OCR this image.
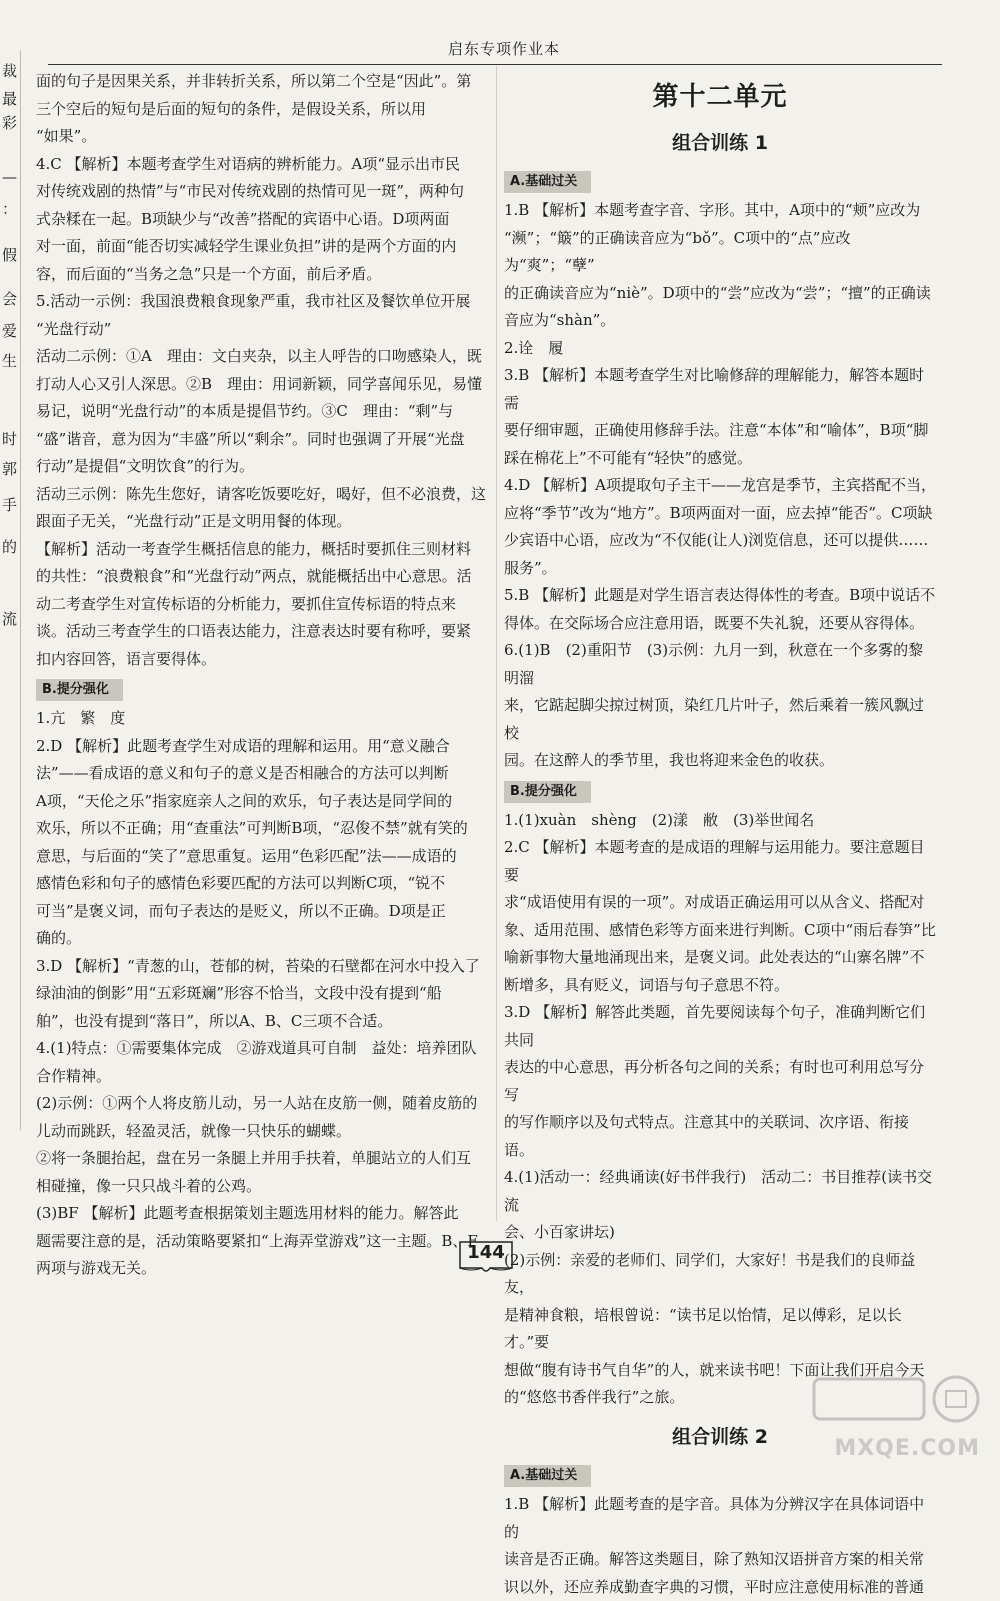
启东专项作业本
裁
最
彩
—
：
假
会
爱
生
时
郭
手
的
流
面的句子是因果关系，并非转折关系，所以第二个空是“因此”。第
三个空后的短句是后面的短句的条件，是假设关系，所以用
“如果”。
4.C 【解析】本题考查学生对语病的辨析能力。A项“显示出市民
对传统戏剧的热情”与“市民对传统戏剧的热情可见一斑”，两种句
式杂糅在一起。B项缺少与“改善”搭配的宾语中心语。D项两面
对一面，前面“能否切实减轻学生课业负担”讲的是两个方面的内
容，而后面的“当务之急”只是一个方面，前后矛盾。
5.活动一示例：我国浪费粮食现象严重，我市社区及餐饮单位开展
“光盘行动”
活动二示例：①A　理由：文白夹杂，以主人呼告的口吻感染人，既
打动人心又引人深思。②B　理由：用词新颖，同学喜闻乐见，易懂
易记，说明“光盘行动”的本质是提倡节约。③C　理由：“剩”与
“盛”谐音，意为因为“丰盛”所以“剩余”。同时也强调了开展“光盘
行动”是提倡“文明饮食”的行为。
活动三示例：陈先生您好，请客吃饭要吃好，喝好，但不必浪费，这
跟面子无关，“光盘行动”正是文明用餐的体现。
【解析】活动一考查学生概括信息的能力，概括时要抓住三则材料
的共性：“浪费粮食”和“光盘行动”两点，就能概括出中心意思。活
动二考查学生对宣传标语的分析能力，要抓住宣传标语的特点来
谈。活动三考查学生的口语表达能力，注意表达时要有称呼，要紧
扣内容回答，语言要得体。
B.提分强化
1.亢　繁　度
2.D 【解析】此题考查学生对成语的理解和运用。用“意义融合
法”——看成语的意义和句子的意义是否相融合的方法可以判断
A项，“天伦之乐”指家庭亲人之间的欢乐，句子表达是同学间的
欢乐，所以不正确；用“查重法”可判断B项，“忍俊不禁”就有笑的
意思，与后面的“笑了”意思重复。运用“色彩匹配”法——成语的
感情色彩和句子的感情色彩要匹配的方法可以判断C项，“锐不
可当”是褒义词，而句子表达的是贬义，所以不正确。D项是正
确的。
3.D 【解析】“青葱的山，苍郁的树，苔染的石壁都在河水中投入了
绿油油的倒影”用“五彩斑斓”形容不恰当，文段中没有提到“船
舶”，也没有提到“落日”，所以A、B、C三项不合适。
4.(1)特点：①需要集体完成　②游戏道具可自制　益处：培养团队
合作精神。
(2)示例：①两个人将皮筋儿动，另一人站在皮筋一侧，随着皮筋的
儿动而跳跃，轻盈灵活，就像一只快乐的蝴蝶。
②将一条腿抬起，盘在另一条腿上并用手扶着，单腿站立的人们互
相碰撞，像一只只战斗着的公鸡。
(3)BF 【解析】此题考查根据策划主题选用材料的能力。解答此
题需要注意的是，活动策略要紧扣“上海弄堂游戏”这一主题。B、F
两项与游戏无关。
第十二单元
组合训练 1
A.基础过关
1.B 【解析】本题考查字音、字形。其中，A项中的“颊”应改为
“濒”；“簸”的正确读音应为“bǒ”。C项中的“点”应改为“爽”；“孽”
的正确读音应为“niè”。D项中的“尝”应改为“尝”；“擅”的正确读
音应为“shàn”。
2.诠　履
3.B 【解析】本题考查学生对比喻修辞的理解能力，解答本题时需
要仔细审题，正确使用修辞手法。注意“本体”和“喻体”，B项“脚
踩在棉花上”不可能有“轻快”的感觉。
4.D 【解析】A项提取句子主干——龙宫是季节，主宾搭配不当，
应将“季节”改为“地方”。B项两面对一面，应去掉“能否”。C项缺
少宾语中心语，应改为“不仅能(让人)浏览信息，还可以提供……
服务”。
5.B 【解析】此题是对学生语言表达得体性的考查。B项中说话不
得体。在交际场合应注意用语，既要不失礼貌，还要从容得体。
6.(1)B　(2)重阳节　(3)示例：九月一到，秋意在一个多雾的黎明溜
来，它踮起脚尖掠过树顶，染红几片叶子，然后乘着一簇风飘过校
园。在这醉人的季节里，我也将迎来金色的收获。
B.提分强化
1.(1)xuàn　shèng　(2)漾　敝　(3)举世闻名
2.C 【解析】本题考查的是成语的理解与运用能力。要注意题目要
求“成语使用有误的一项”。对成语正确运用可以从含义、搭配对
象、适用范围、感情色彩等方面来进行判断。C项中“雨后春笋”比
喻新事物大量地涌现出来，是褒义词。此处表达的“山寨名牌”不
断增多，具有贬义，词语与句子意思不符。
3.D 【解析】解答此类题，首先要阅读每个句子，准确判断它们共同
表达的中心意思，再分析各句之间的关系；有时也可利用总写分写
的写作顺序以及句式特点。注意其中的关联词、次序语、衔接语。
4.(1)活动一：经典诵读(好书伴我行)　活动二：书目推荐(读书交流
会、小百家讲坛)
(2)示例：亲爱的老师们、同学们，大家好！书是我们的良师益友，
是精神食粮，培根曾说：“读书足以怡情，足以傅彩，足以长才。”要
想做“腹有诗书气自华”的人，就来读书吧！下面让我们开启今天
的“悠悠书香伴我行”之旅。
组合训练 2
A.基础过关
1.B 【解析】此题考查的是字音。具体为分辨汉字在具体词语中的
读音是否正确。解答这类题目，除了熟知汉语拼音方案的相关常
识以外，还应养成勤查字典的习惯，平时应注意使用标准的普通
144
MXQE.COM
